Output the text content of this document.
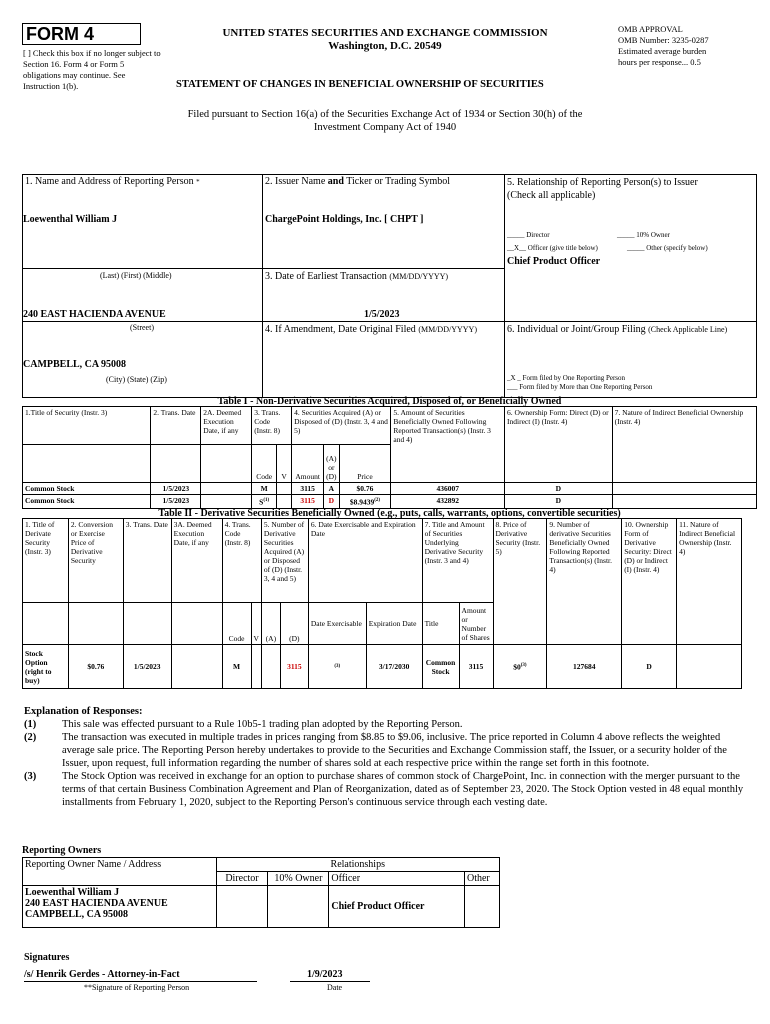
FORM 4
[ ] Check this box if no longer subject to Section 16. Form 4 or Form 5 obligations may continue. See Instruction 1(b).
UNITED STATES SECURITIES AND EXCHANGE COMMISSION
Washington, D.C. 20549
OMB APPROVAL
OMB Number: 3235-0287
Estimated average burden
hours per response... 0.5
STATEMENT OF CHANGES IN BENEFICIAL OWNERSHIP OF SECURITIES
Filed pursuant to Section 16(a) of the Securities Exchange Act of 1934 or Section 30(h) of the
Investment Company Act of 1940
1. Name and Address of Reporting Person *
Loewenthal William J
(Last) (First) (Middle)
240 EAST HACIENDA AVENUE
(Street)
CAMPBELL, CA 95008
(City) (State) (Zip)
2. Issuer Name and Ticker or Trading Symbol
ChargePoint Holdings, Inc. [ CHPT ]
3. Date of Earliest Transaction (MM/DD/YYYY)
1/5/2023
4. If Amendment, Date Original Filed (MM/DD/YYYY)
5. Relationship of Reporting Person(s) to Issuer
(Check all applicable)
_____ Director	_____ 10% Owner
__X__ Officer (give title below)	_____ Other (specify below)
Chief Product Officer
6. Individual or Joint/Group Filing (Check Applicable Line)
_X _ Form filed by One Reporting Person
___ Form filed by More than One Reporting Person
Table I - Non-Derivative Securities Acquired, Disposed of, or Beneficially Owned
1.Title of Security (Instr. 3)	2. Trans. Date	2A. Deemed Execution Date, if any	3. Trans. Code (Instr. 8)		4. Securities Acquired (A) or Disposed of (D) (Instr. 3, 4 and 5)			5. Amount of Securities Beneficially Owned Following Reported Transaction(s) (Instr. 3 and 4)	6. Ownership Form: Direct (D) or Indirect (I) (Instr. 4)	7. Nature of Indirect Beneficial Ownership (Instr. 4)
			Code	V	Amount	(A) or (D)	Price			
Common Stock	1/5/2023		M		3115	A	$0.76	436007	D	
Common Stock	1/5/2023		$S^{(1)}$		3115	D	$8.9439$^{(2)}$	432892	D	
Table II - Derivative Securities Beneficially Owned (e.g., puts, calls, warrants, options, convertible securities)
1. Title of Derivate Security (Instr. 3)	2. Conversion or Exercise Price of Derivative Security	3. Trans. Date	3A. Deemed Execution Date, if any	4. Trans. Code (Instr. 8)		5. Number of Derivative Securities Acquired (A) or Disposed of (D) (Instr. 3, 4 and 5)		6. Date Exercisable and Expiration Date		7. Title and Amount of Securities Underlying Derivative Security (Instr. 3 and 4)		8. Price of Derivative Security (Instr. 5)	9. Number of derivative Securities Beneficially Owned Following Reported Transaction(s) (Instr. 4)	10. Ownership Form of Derivative Security: Direct (D) or Indirect (I) (Instr. 4)	11. Nature of Indirect Beneficial Ownership (Instr. 4)
				Code	V	(A)	(D)	Date Exercisable	Expiration Date	Title	Amount or Number of Shares				
Stock Option (right to buy)	$0.76	1/5/2023		M			3115	(3)	3/17/2030	Common Stock	3115	$0$^{(3)}$	127684	D	
Explanation of Responses:
(1)	This sale was effected pursuant to a Rule 10b5-1 trading plan adopted by the Reporting Person.
(2)	The transaction was executed in multiple trades in prices ranging from $8.85 to $9.06, inclusive. The price reported in Column 4 above reflects the weighted average sale price. The Reporting Person hereby undertakes to provide to the Securities and Exchange Commission staff, the Issuer, or a security holder of the Issuer, upon request, full information regarding the number of shares sold at each respective price within the range set forth in this footnote.
(3)	The Stock Option was received in exchange for an option to purchase shares of common stock of ChargePoint, Inc. in connection with the merger pursuant to the terms of that certain Business Combination Agreement and Plan of Reorganization, dated as of September 23, 2020. The Stock Option vested in 48 equal monthly installments from February 1, 2020, subject to the Reporting Person's continuous service through each vesting date.
Reporting Owners
Reporting Owner Name / Address	Relationships			
	Director	10% Owner	Officer	Other

Loewenthal William J
240 EAST HACIENDA AVENUE
CAMPBELL, CA 95008			Chief Product Officer	
Signatures
/s/ Henrik Gerdes - Attorney-in-Fact
**Signature of Reporting Person
1/9/2023
Date
